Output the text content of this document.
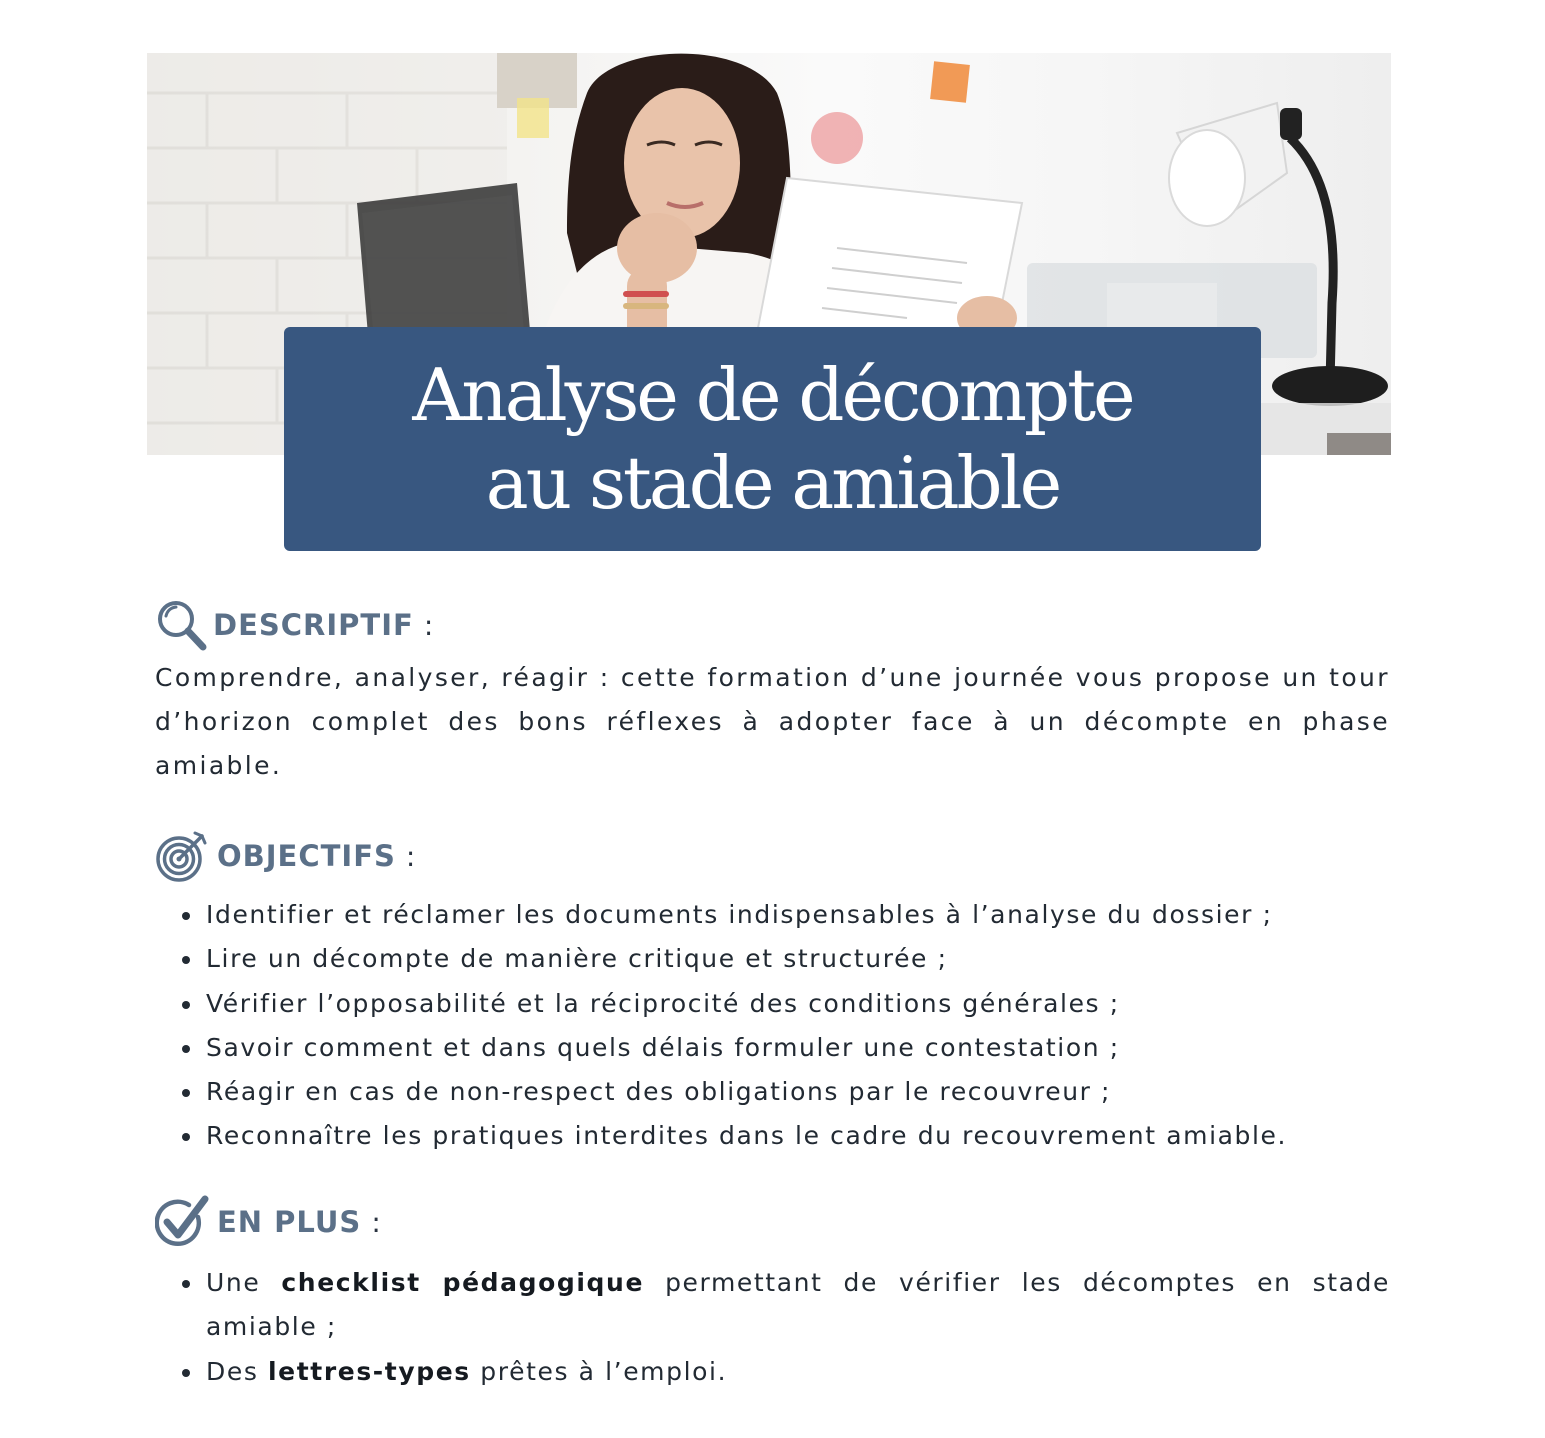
Analyse de décompte au stade amiable
DESCRIPTIF :

Comprendre, analyser, réagir : cette formation d’une journée vous propose un tour d’horizon complet des bons réflexes à adopter face à un décompte en phase amiable.

OBJECTIFS :
Identifier et réclamer les documents indispensables à l’analyse du dossier ;
Lire un décompte de manière critique et structurée ;
Vérifier l’opposabilité et la réciprocité des conditions générales ;
Savoir comment et dans quels délais formuler une contestation ;
Réagir en cas de non-respect des obligations par le recouvreur ;
Reconnaître les pratiques interdites dans le cadre du recouvrement amiable.
EN PLUS :
Une checklist pédagogique permettant de vérifier les décomptes en stade amiable ;
Des lettres-types prêtes à l’emploi.
